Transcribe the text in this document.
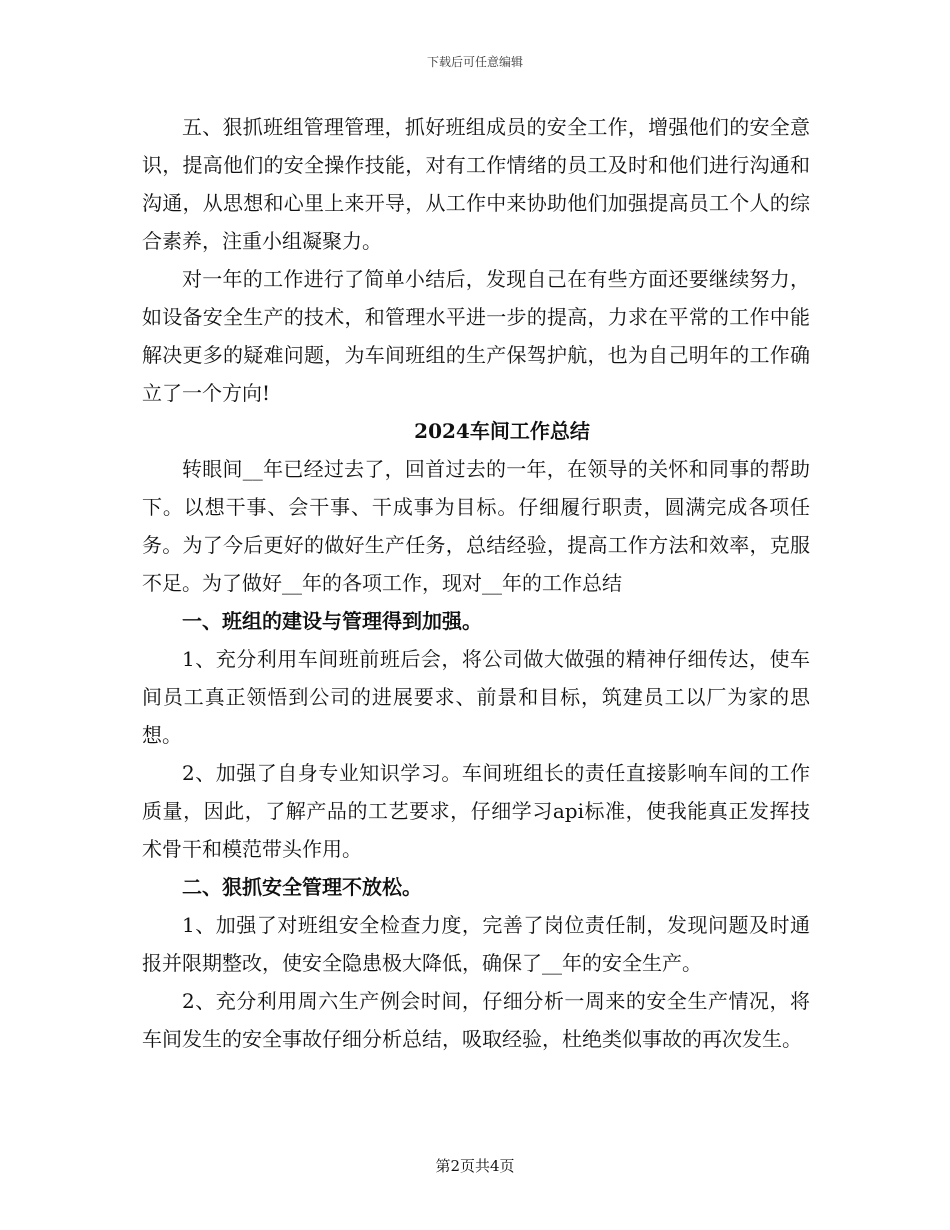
下载后可任意编辑

五、狠抓班组管理管理，抓好班组成员的安全工作，增强他们的安全意识，提高他们的安全操作技能，对有工作情绪的员工及时和他们进行沟通和沟通，从思想和心里上来开导，从工作中来协助他们加强提高员工个人的综合素养，注重小组凝聚力。

对一年的工作进行了简单小结后，发现自己在有些方面还要继续努力，如设备安全生产的技术，和管理水平进一步的提高，力求在平常的工作中能解决更多的疑难问题，为车间班组的生产保驾护航，也为自己明年的工作确立了一个方向!

2024车间工作总结

转眼间__年已经过去了，回首过去的一年，在领导的关怀和同事的帮助下。以想干事、会干事、干成事为目标。仔细履行职责，圆满完成各项任务。为了今后更好的做好生产任务，总结经验，提高工作方法和效率，克服不足。为了做好__年的各项工作，现对__年的工作总结

一、班组的建设与管理得到加强。

1、充分利用车间班前班后会，将公司做大做强的精神仔细传达，使车间员工真正领悟到公司的进展要求、前景和目标，筑建员工以厂为家的思想。

2、加强了自身专业知识学习。车间班组长的责任直接影响车间的工作质量，因此，了解产品的工艺要求，仔细学习api标准，使我能真正发挥技术骨干和模范带头作用。

二、狠抓安全管理不放松。

1、加强了对班组安全检查力度，完善了岗位责任制，发现问题及时通报并限期整改，使安全隐患极大降低，确保了__年的安全生产。

2、充分利用周六生产例会时间，仔细分析一周来的安全生产情况，将车间发生的安全事故仔细分析总结，吸取经验，杜绝类似事故的再次发生。

第2页共4页
